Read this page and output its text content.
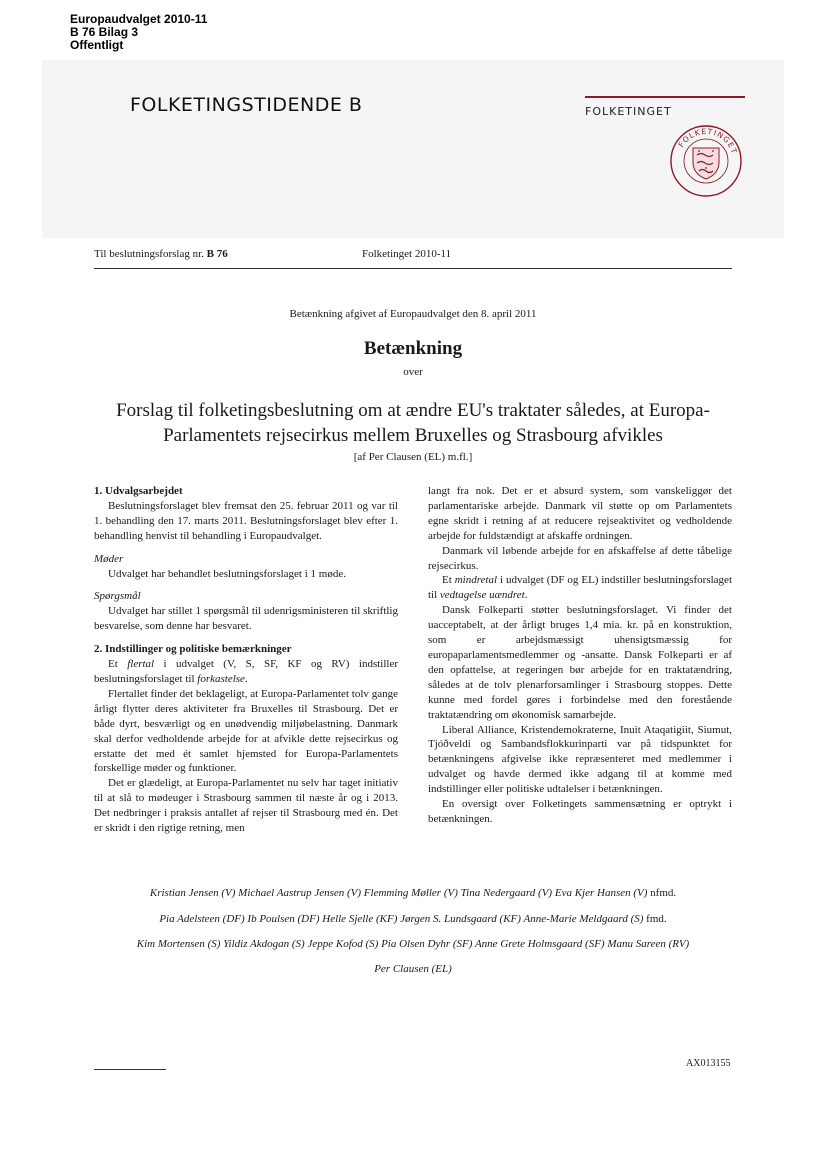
Europaudvalget 2010-11
B 76 Bilag 3
Offentligt
FOLKETINGSTIDENDE B	FOLKETINGET
FOLKETINGET
Til beslutningsforslag nr. B 76	Folketinget 2010-11
Betænkning afgivet af Europaudvalget den 8. april 2011
Betænkning
over
Forslag til folketingsbeslutning om at ændre EU's traktater således, at Europa-
Parlamentets rejsecirkus mellem Bruxelles og Strasbourg afvikles
[af Per Clausen (EL) m.fl.]

1. Udvalgsarbejdet

Beslutningsforslaget blev fremsat den 25. februar 2011 og var til 1. behandling den 17. marts 2011. Beslutningsforslaget blev efter 1. behandling henvist til behandling i Europaudvalget.

Møder

Udvalget har behandlet beslutningsforslaget i 1 møde.

Spørgsmål

Udvalget har stillet 1 spørgsmål til udenrigsministeren til skriftlig besvarelse, som denne har besvaret.

2. Indstillinger og politiske bemærkninger

Et flertal i udvalget (V, S, SF, KF og RV) indstiller beslutningsforslaget til forkastelse.

Flertallet finder det beklageligt, at Europa-Parlamentet tolv gange årligt flytter deres aktiviteter fra Bruxelles til Strasbourg. Det er både dyrt, besværligt og en unødvendig miljøbelastning. Danmark skal derfor vedholdende arbejde for at afvikle dette rejsecirkus og erstatte det med ét samlet hjemsted for Europa-Parlamentets forskellige møder og funktioner.

Det er glædeligt, at Europa-Parlamentet nu selv har taget initiativ til at slå to mødeuger i Strasbourg sammen til næste år og i 2013. Det nedbringer i praksis antallet af rejser til Strasbourg med én. Det er skridt i den rigtige retning, men

langt fra nok. Det er et absurd system, som vanskeliggør det parlamentariske arbejde. Danmark vil støtte op om Parlamentets egne skridt i retning af at reducere rejseaktivitet og vedholdende arbejde for fuldstændigt at afskaffe ordningen.

Danmark vil løbende arbejde for en afskaffelse af dette tåbelige rejsecirkus.

Et mindretal i udvalget (DF og EL) indstiller beslutningsforslaget til vedtagelse uændret.

Dansk Folkeparti støtter beslutningsforslaget. Vi finder det uacceptabelt, at der årligt bruges 1,4 mia. kr. på en konstruktion, som er arbejdsmæssigt uhensigtsmæssig for europaparlamentsmedlemmer og -ansatte. Dansk Folkeparti er af den opfattelse, at regeringen bør arbejde for en traktatændring, således at de tolv plenarforsamlinger i Strasbourg stoppes. Dette kunne med fordel gøres i forbindelse med den forestående traktatændring om økonomisk samarbejde.

Liberal Alliance, Kristendemokraterne, Inuit Ataqatigiit, Siumut, Tjóðveldi og Sambandsflokkurinparti var på tidspunktet for betænkningens afgivelse ikke repræsenteret med medlemmer i udvalget og havde dermed ikke adgang til at komme med indstillinger eller politiske udtalelser i betænkningen.

En oversigt over Folketingets sammensætning er optrykt i betænkningen.

Kristian Jensen (V) Michael Aastrup Jensen (V) Flemming Møller (V) Tina Nedergaard (V) Eva Kjer Hansen (V) nfmd.
Pia Adelsteen (DF) Ib Poulsen (DF) Helle Sjelle (KF) Jørgen S. Lundsgaard (KF) Anne-Marie Meldgaard (S) fmd.
Kim Mortensen (S) Yildiz Akdogan (S) Jeppe Kofod (S) Pia Olsen Dyhr (SF) Anne Grete Holmsgaard (SF) Manu Sareen (RV)
Per Clausen (EL)
AX013155
